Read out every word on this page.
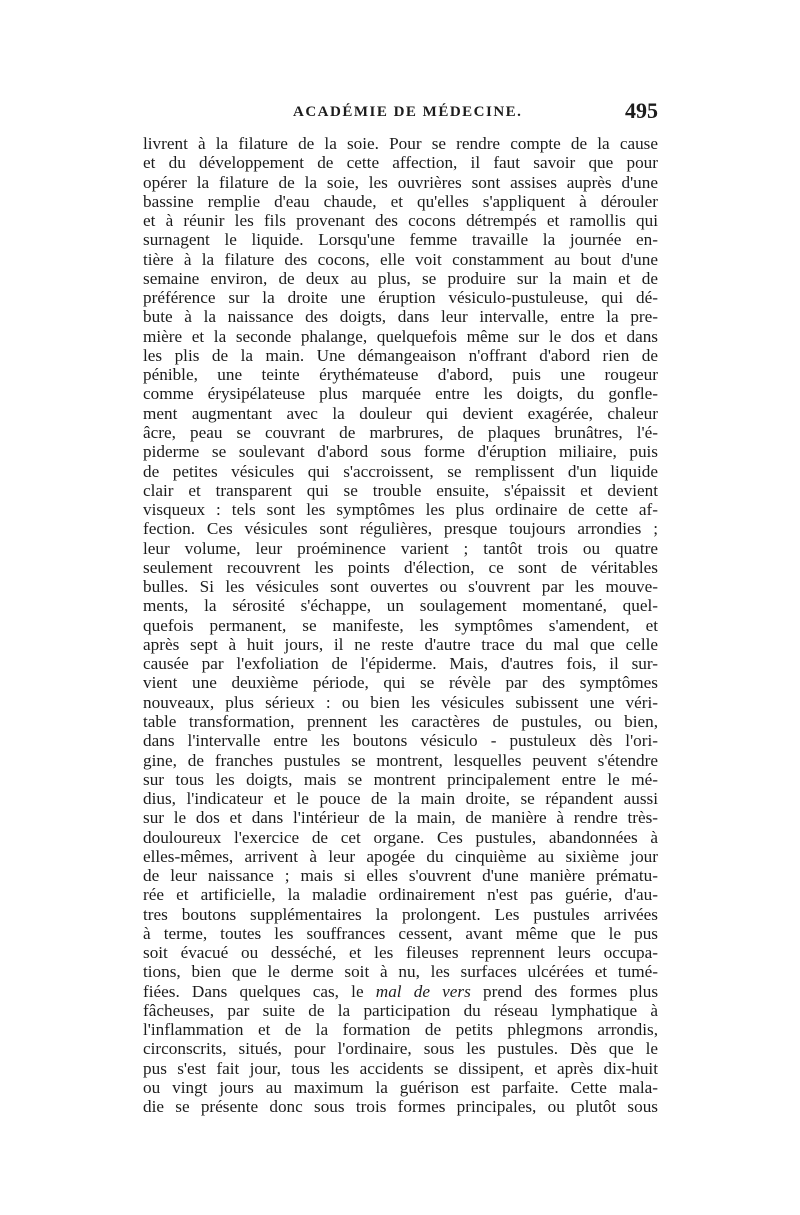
ACADÉMIE DE MÉDECINE.	495
livrent à la filature de la soie. Pour se rendre compte de la cause
et du développement de cette affection, il faut savoir que pour
opérer la filature de la soie, les ouvrières sont assises auprès d'une
bassine remplie d'eau chaude, et qu'elles s'appliquent à dérouler
et à réunir les fils provenant des cocons détrempés et ramollis qui
surnagent le liquide. Lorsqu'une femme travaille la journée en-
tière à la filature des cocons, elle voit constamment au bout d'une
semaine environ, de deux au plus, se produire sur la main et de
préférence sur la droite une éruption vésiculo-pustuleuse, qui dé-
bute à la naissance des doigts, dans leur intervalle, entre la pre-
mière et la seconde phalange, quelquefois même sur le dos et dans
les plis de la main. Une démangeaison n'offrant d'abord rien de
pénible, une teinte érythémateuse d'abord, puis une rougeur
comme érysipélateuse plus marquée entre les doigts, du gonfle-
ment augmentant avec la douleur qui devient exagérée, chaleur
âcre, peau se couvrant de marbrures, de plaques brunâtres, l'é-
piderme se soulevant d'abord sous forme d'éruption miliaire, puis
de petites vésicules qui s'accroissent, se remplissent d'un liquide
clair et transparent qui se trouble ensuite, s'épaissit et devient
visqueux : tels sont les symptômes les plus ordinaire de cette af-
fection. Ces vésicules sont régulières, presque toujours arrondies ;
leur volume, leur proéminence varient ; tantôt trois ou quatre
seulement recouvrent les points d'élection, ce sont de véritables
bulles. Si les vésicules sont ouvertes ou s'ouvrent par les mouve-
ments, la sérosité s'échappe, un soulagement momentané, quel-
quefois permanent, se manifeste, les symptômes s'amendent, et
après sept à huit jours, il ne reste d'autre trace du mal que celle
causée par l'exfoliation de l'épiderme. Mais, d'autres fois, il sur-
vient une deuxième période, qui se révèle par des symptômes
nouveaux, plus sérieux : ou bien les vésicules subissent une véri-
table transformation, prennent les caractères de pustules, ou bien,
dans l'intervalle entre les boutons vésiculo - pustuleux dès l'ori-
gine, de franches pustules se montrent, lesquelles peuvent s'étendre
sur tous les doigts, mais se montrent principalement entre le mé-
dius, l'indicateur et le pouce de la main droite, se répandent aussi
sur le dos et dans l'intérieur de la main, de manière à rendre très-
douloureux l'exercice de cet organe. Ces pustules, abandonnées à
elles-mêmes, arrivent à leur apogée du cinquième au sixième jour
de leur naissance ; mais si elles s'ouvrent d'une manière prématu-
rée et artificielle, la maladie ordinairement n'est pas guérie, d'au-
tres boutons supplémentaires la prolongent. Les pustules arrivées
à terme, toutes les souffrances cessent, avant même que le pus
soit évacué ou desséché, et les fileuses reprennent leurs occupa-
tions, bien que le derme soit à nu, les surfaces ulcérées et tumé-
fiées. Dans quelques cas, le mal de vers prend des formes plus
fâcheuses, par suite de la participation du réseau lymphatique à
l'inflammation et de la formation de petits phlegmons arrondis,
circonscrits, situés, pour l'ordinaire, sous les pustules. Dès que le
pus s'est fait jour, tous les accidents se dissipent, et après dix-huit
ou vingt jours au maximum la guérison est parfaite. Cette mala-
die se présente donc sous trois formes principales, ou plutôt sous
